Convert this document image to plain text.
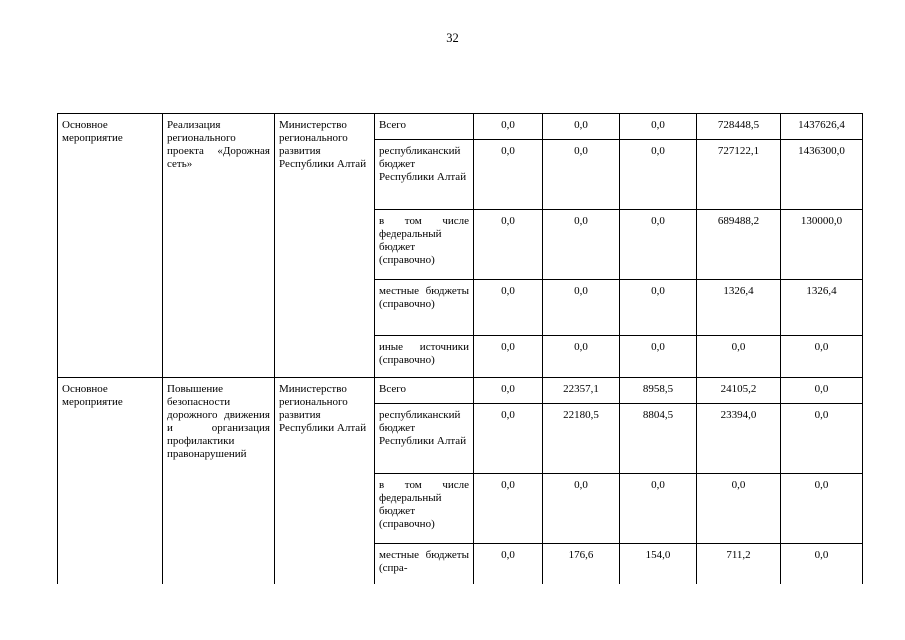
32
Основное мероприятие	Реализация регионального проекта «Дорожная сеть»	Министерство регионального развития Республики Алтай	Всего	0,0	0,0	0,0	728448,5	1437626,4
			республиканский бюджет Республики Алтай	0,0	0,0	0,0	727122,1	1436300,0
			в том числе федеральный бюджет (справочно)	0,0	0,0	0,0	689488,2	130000,0
			местные бюджеты (справочно)	0,0	0,0	0,0	1326,4	1326,4
			иные источники (справочно)	0,0	0,0	0,0	0,0	0,0
Основное мероприятие	Повышение безопасности дорожного движения и организация профилактики правонарушений	Министерство регионального развития Республики Алтай	Всего	0,0	22357,1	8958,5	24105,2	0,0
			республиканский бюджет Республики Алтай	0,0	22180,5	8804,5	23394,0	0,0
			в том числе федеральный бюджет (справочно)	0,0	0,0	0,0	0,0	0,0
			местные бюджеты (спра-	0,0	176,6	154,0	711,2	0,0
